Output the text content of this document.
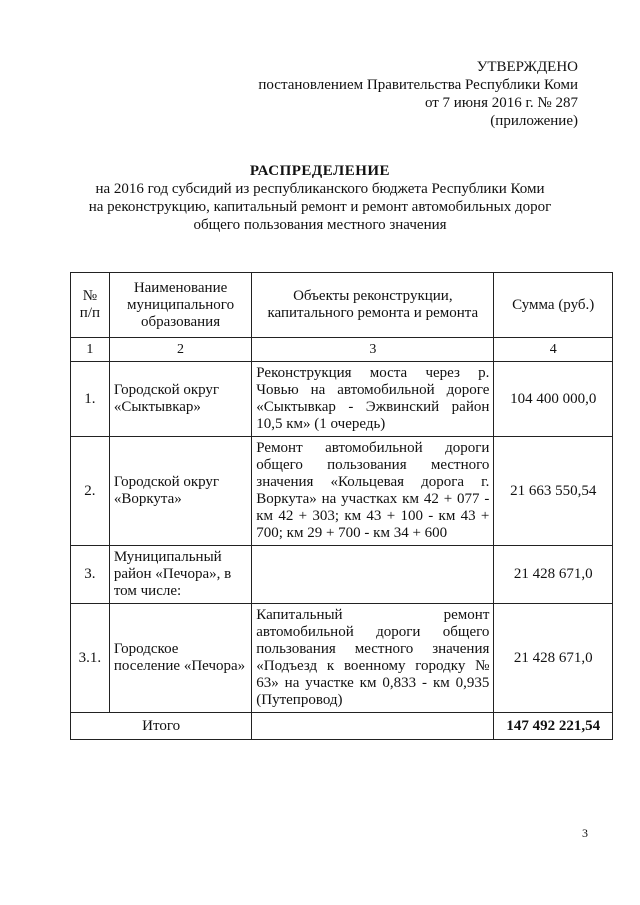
УТВЕРЖДЕНО
постановлением Правительства Республики Коми
от 7 июня 2016 г. № 287
(приложение)
РАСПРЕДЕЛЕНИЕ
на 2016 год субсидий из республиканского бюджета Республики Коми
на реконструкцию, капитальный ремонт и ремонт автомобильных дорог
общего пользования местного значения
№ п/п	Наименование муниципального образования	Объекты реконструкции, капитального ремонта и ремонта	Сумма (руб.)
1	2	3	4
1.	Городской округ «Сыктывкар»	Реконструкция моста через р. Човью на автомобильной дороге «Сыктывкар - Эжвинский район 10,5 км» (1 очередь)	104 400 000,0
2.	Городской округ «Воркута»	Ремонт автомобильной дороги общего пользования местного значения «Кольцевая дорога г. Воркута» на участках км 42 + 077 - км 42 + 303; км 43 + 100 - км 43 + 700; км 29 + 700 - км 34 + 600	21 663 550,54
3.	Муниципальный район «Печора», в том числе:		21 428 671,0
3.1.	Городское поселение «Печора»	Капитальный ремонт автомобильной дороги общего пользования местного значения «Подъезд к военному городку № 63» на участке км 0,833 - км 0,935 (Путепровод)	21 428 671,0
Итого			147 492 221,54
3
